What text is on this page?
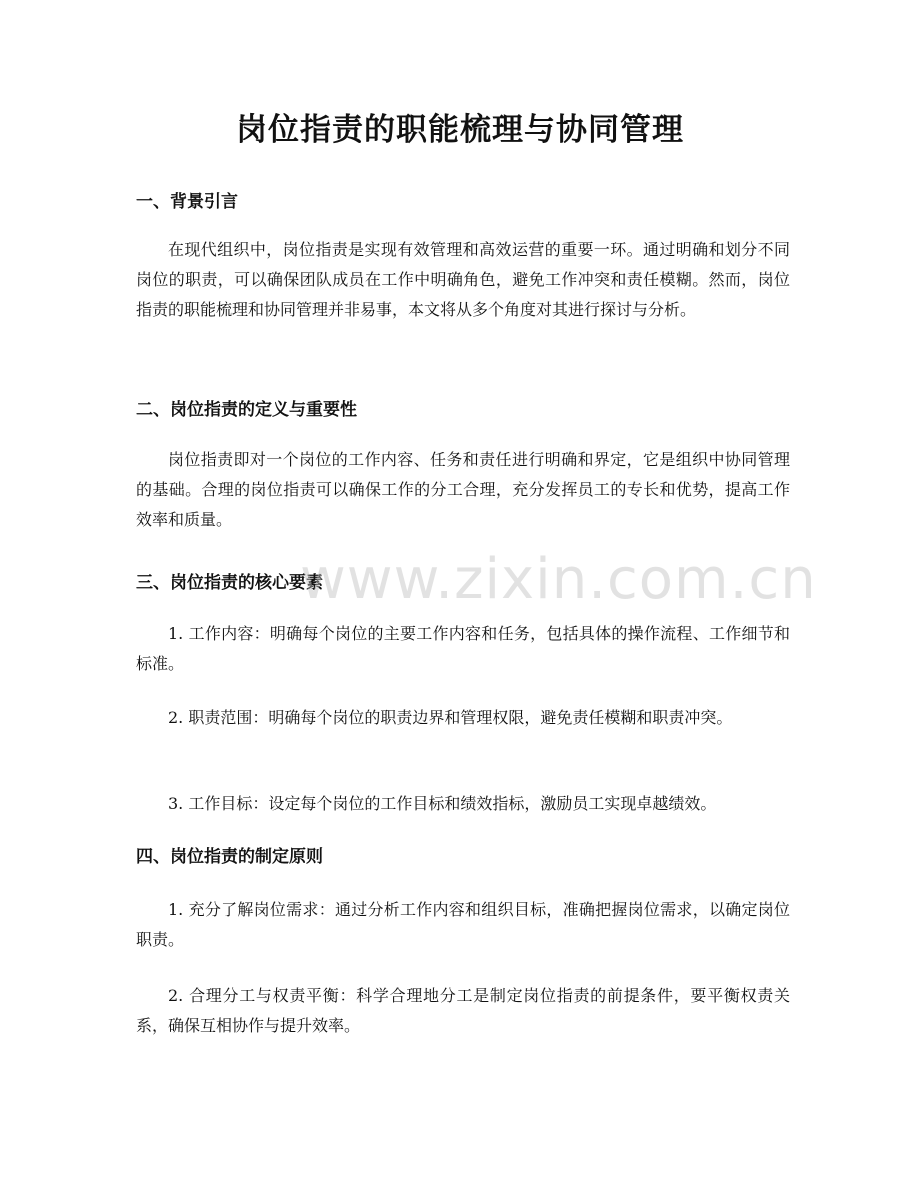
岗位指责的职能梳理与协同管理
一、背景引言

在现代组织中，岗位指责是实现有效管理和高效运营的重要一环。通过明确和划分不同岗位的职责，可以确保团队成员在工作中明确角色，避免工作冲突和责任模糊。然而，岗位指责的职能梳理和协同管理并非易事，本文将从多个角度对其进行探讨与分析。

二、岗位指责的定义与重要性

岗位指责即对一个岗位的工作内容、任务和责任进行明确和界定，它是组织中协同管理的基础。合理的岗位指责可以确保工作的分工合理，充分发挥员工的专长和优势，提高工作效率和质量。

三、岗位指责的核心要素

1. 工作内容：明确每个岗位的主要工作内容和任务，包括具体的操作流程、工作细节和标准。

2. 职责范围：明确每个岗位的职责边界和管理权限，避免责任模糊和职责冲突。

3. 工作目标：设定每个岗位的工作目标和绩效指标，激励员工实现卓越绩效。

四、岗位指责的制定原则

1. 充分了解岗位需求：通过分析工作内容和组织目标，准确把握岗位需求，以确定岗位职责。

2. 合理分工与权责平衡：科学合理地分工是制定岗位指责的前提条件，要平衡权责关系，确保互相协作与提升效率。

www.zixin.com.cn
